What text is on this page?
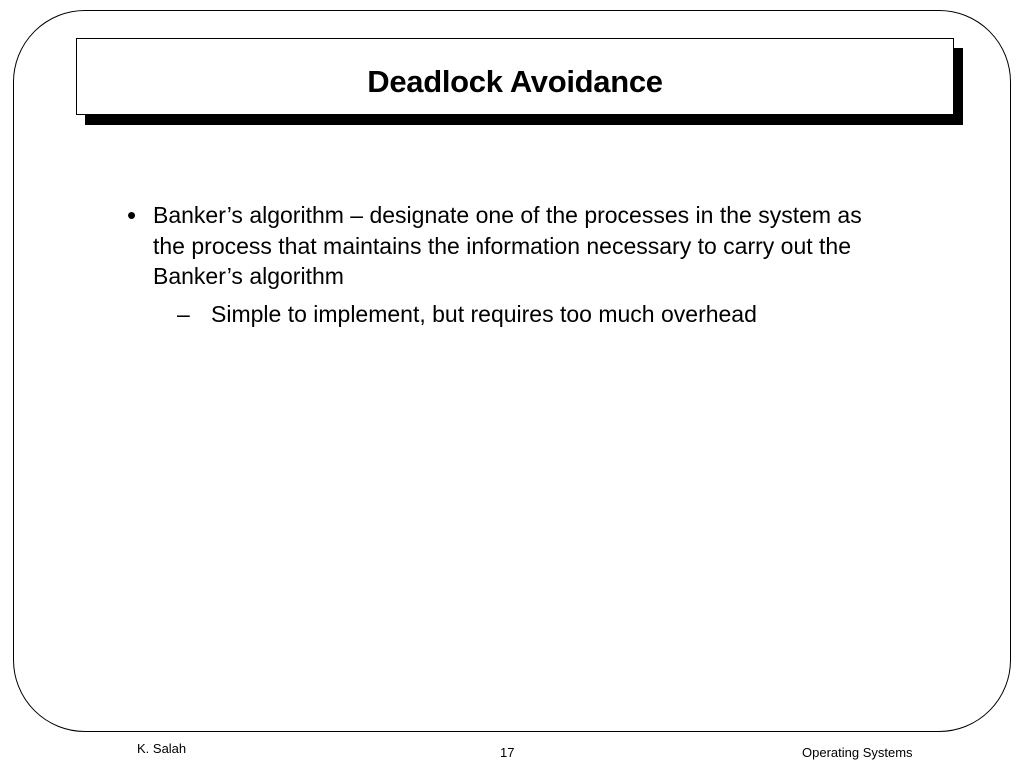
Deadlock Avoidance
• Banker’s algorithm – designate one of the processes in the system as the process that maintains the information necessary to carry out the Banker’s algorithm
– Simple to implement, but requires too much overhead
K. Salah	17	Operating Systems
